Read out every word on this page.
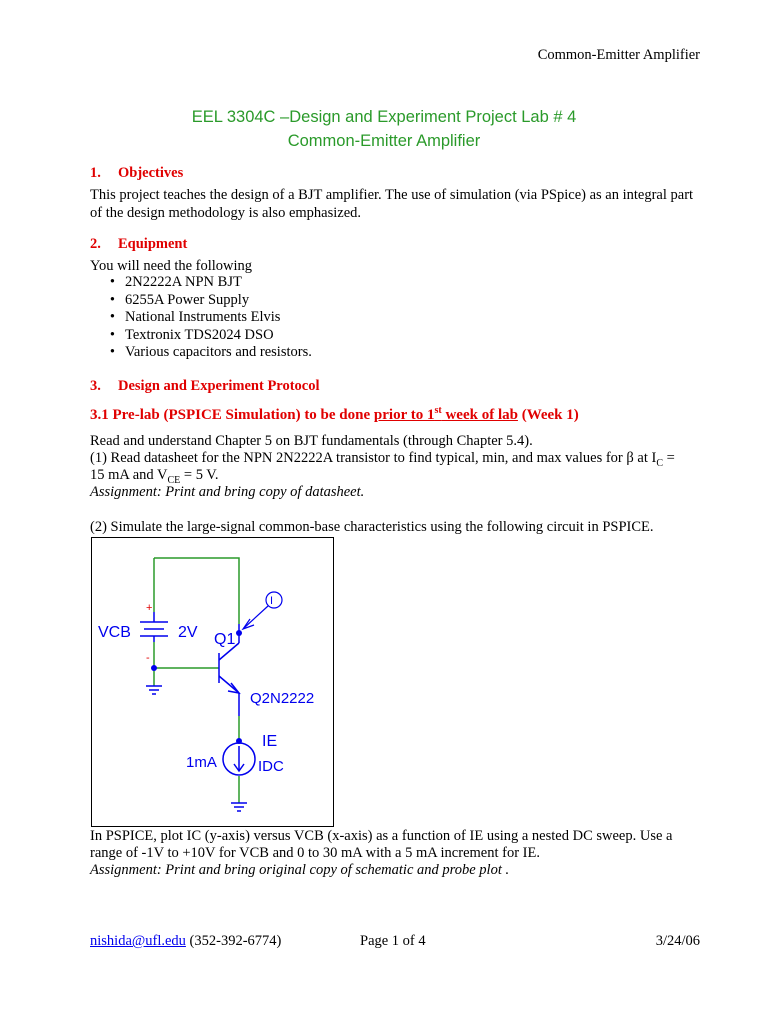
Common-Emitter Amplifier
EEL 3304C –Design and Experiment Project Lab # 4
Common-Emitter Amplifier
1. Objectives
This project teaches the design of a BJT amplifier. The use of simulation (via PSpice) as an integral part of the design methodology is also emphasized.
2. Equipment
You will need the following
• 2N2222A NPN BJT
• 6255A Power Supply
• National Instruments Elvis
• Textronix TDS2024 DSO
• Various capacitors and resistors.
3. Design and Experiment Protocol
3.1 Pre-lab (PSPICE Simulation) to be done prior to 1st week of lab (Week 1)
Read and understand Chapter 5 on BJT fundamentals (through Chapter 5.4).
(1) Read datasheet for the NPN 2N2222A transistor to find typical, min, and max values for β at $I_C$ =
15 mA and $V_{CE} = 5$ V.
Assignment: Print and bring copy of datasheet.
(2) Simulate the large-signal common-base characteristics using the following circuit in PSPICE.
+
-
VCB	2V Q1
Q2N2222
I
IE
1mA	IDC
In PSPICE, plot IC (y-axis) versus VCB (x-axis) as a function of IE using a nested DC sweep. Use a
range of -1V to +10V for VCB and 0 to 30 mA with a 5 mA increment for IE.
Assignment: Print and bring original copy of schematic and probe plot .
nishida@ufl.edu (352-392-6774)	Page 1 of 4	3/24/06
